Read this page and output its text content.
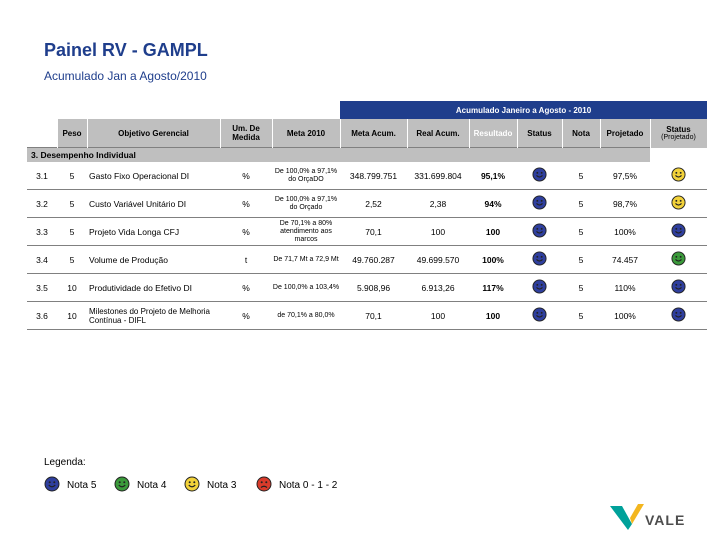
Painel RV - GAMPL
Acumulado Jan a Agosto/2010
					Acumulado Janeiro a Agosto - 2010						
	Peso	Objetivo Gerencial	Um. De Medida	Meta 2010	Meta Acum.	Real Acum.	Resultado	Status	Nota	Projetado	Status
(Projetado)

3. Desempenho Individual											
3.1	5	Gasto Fixo Operacional DI	%	De 100,0% a 97,1% do OrçaDO	348.799.751	331.699.804	95,1%		5	97,5%	
3.2	5	Custo Variável Unitário DI	%	De 100,0% a 97,1% do Orçado	2,52	2,38	94%		5	98,7%	
3.3	5	Projeto Vida Longa CFJ	%	De 70,1% a 80% atendimento aos marcos	70,1	100	100		5	100%	
3.4	5	Volume de Produção	t	De 71,7 Mt a 72,9 Mt	49.760.287	49.699.570	100%		5	74.457	
3.5	10	Produtividade do Efetivo DI	%	De 100,0% a 103,4%	5.908,96	6.913,26	117%		5	110%	
3.6	10	Milestones do Projeto de Melhoria Contínua - DIFL	%	de 70,1% a 80,0%	70,1	100	100		5	100%	
Legenda:
Nota 5	Nota 4	Nota 3	Nota 0 - 1 - 2
VALE
